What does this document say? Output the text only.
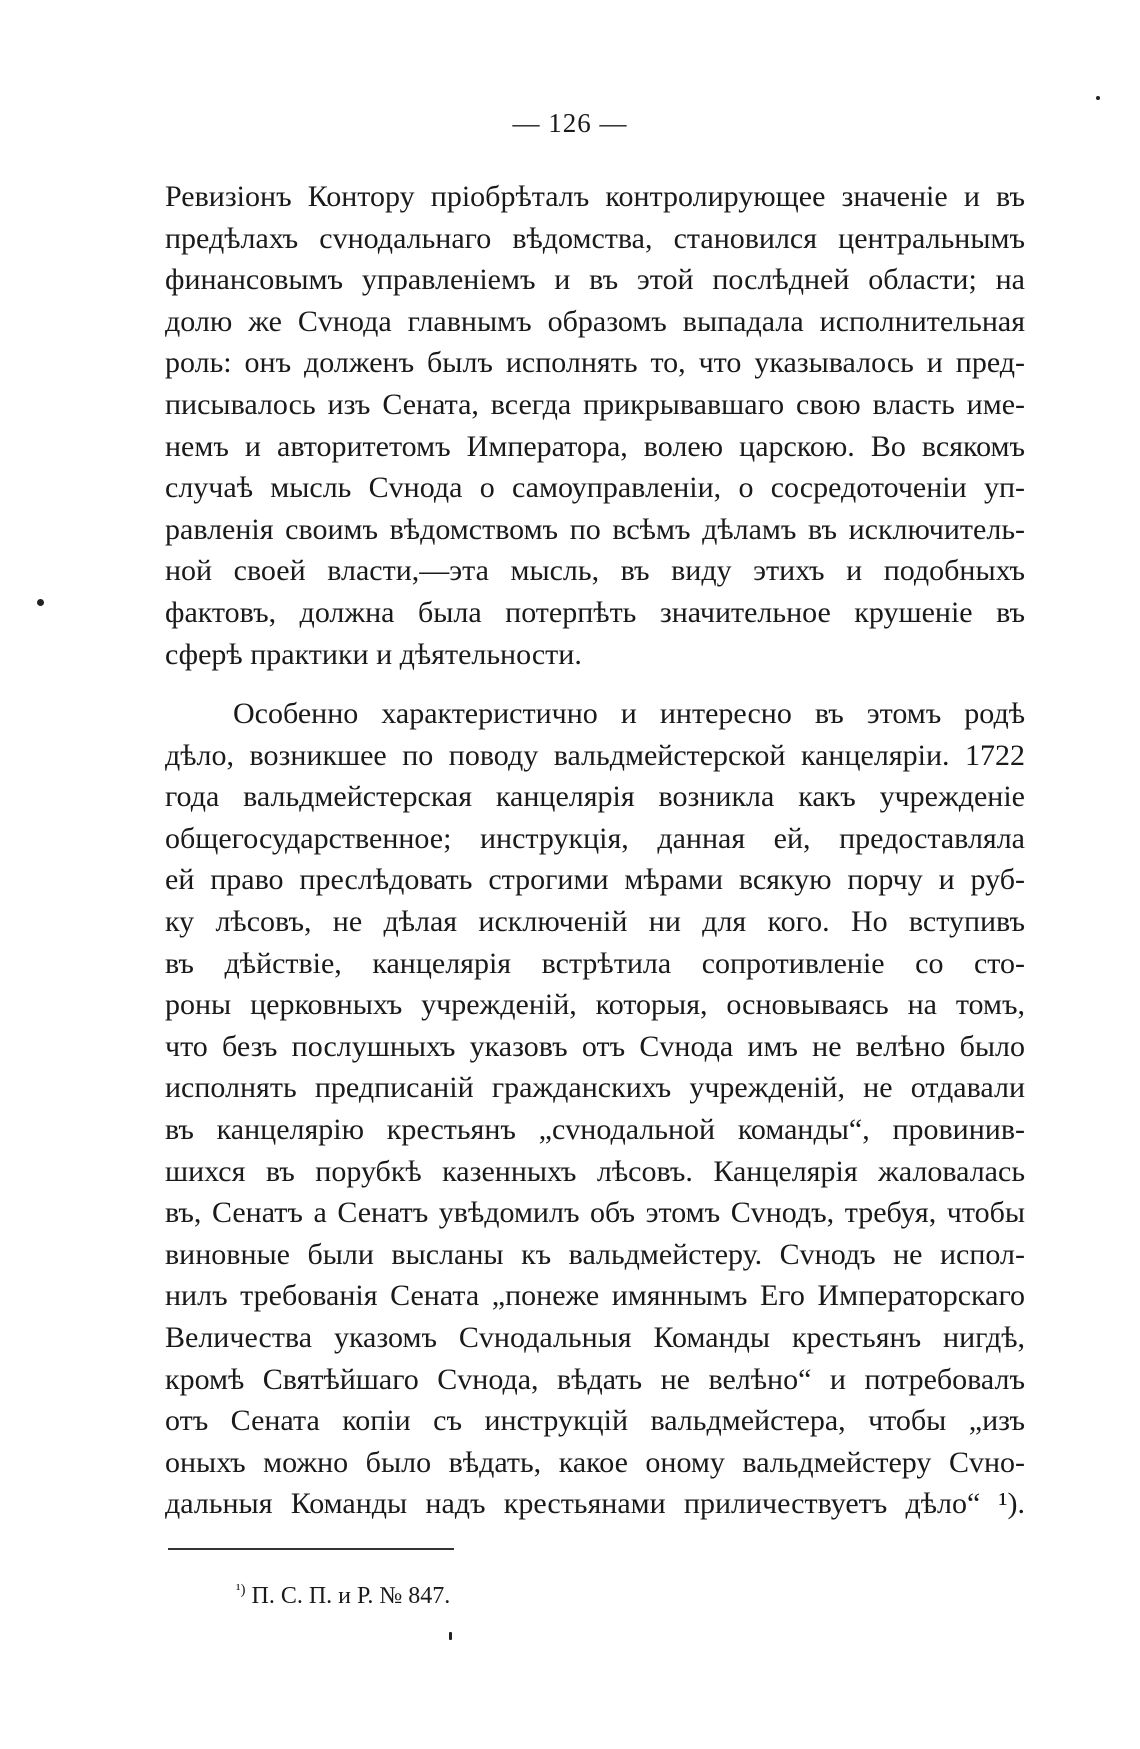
— 126 —
Ревизіонъ Контору пріобрѣталъ контролирующее значеніе и въ
предѣлахъ сvнодальнаго вѣдомства, становился центральнымъ
финансовымъ управленіемъ и въ этой послѣдней области; на
долю же Сvнода главнымъ образомъ выпадала исполнительная
роль: онъ долженъ былъ исполнять то, что указывалось и пред-
писывалось изъ Сената, всегда прикрывавшаго свою власть име-
немъ и авторитетомъ Императора, волею царскою. Во всякомъ
случаѣ мысль Сvнода о самоуправленіи, о сосредоточеніи уп-
равленія своимъ вѣдомствомъ по всѣмъ дѣламъ въ исключитель-
ной своей власти,—эта мысль, въ виду этихъ и подобныхъ
фактовъ, должна была потерпѣть значительное крушеніе въ
сферѣ практики и дѣятельности.
Особенно характеристично и интересно въ этомъ родѣ
дѣло, возникшее по поводу вальдмейстерской канцеляріи. 1722
года вальдмейстерская канцелярія возникла какъ учрежденіе
общегосударственное; инструкція, данная ей, предоставляла
ей право преслѣдовать строгими мѣрами всякую порчу и руб-
ку лѣсовъ, не дѣлая исключеній ни для кого. Но вступивъ
въ дѣйствіе, канцелярія встрѣтила сопротивленіе со сто-
роны церковныхъ учрежденій, которыя, основываясь на томъ,
что безъ послушныхъ указовъ отъ Сvнода имъ не велѣно было
исполнять предписаній гражданскихъ учрежденій, не отдавали
въ канцелярію крестьянъ „сvнодальной команды“, провинив-
шихся въ порубкѣ казенныхъ лѣсовъ. Канцелярія жаловалась
въ, Сенатъ а Сенатъ увѣдомилъ объ этомъ Сvнодъ, требуя, чтобы
виновные были высланы къ вальдмейстеру. Сvнодъ не испол-
нилъ требованія Сената „понеже имяннымъ Его Императорскаго
Величества указомъ Сvнодальныя Команды крестьянъ нигдѣ,
кромѣ Святѣйшаго Сvнода, вѣдать не велѣно“ и потребовалъ
отъ Сената копіи съ инструкцій вальдмейстера, чтобы „изъ
оныхъ можно было вѣдать, какое оному вальдмейстеру Сvно-
дальныя Команды надъ крестьянами приличествуетъ дѣло“ ¹).
$^{^1)}$ П. С. П. и Р. № 847.
